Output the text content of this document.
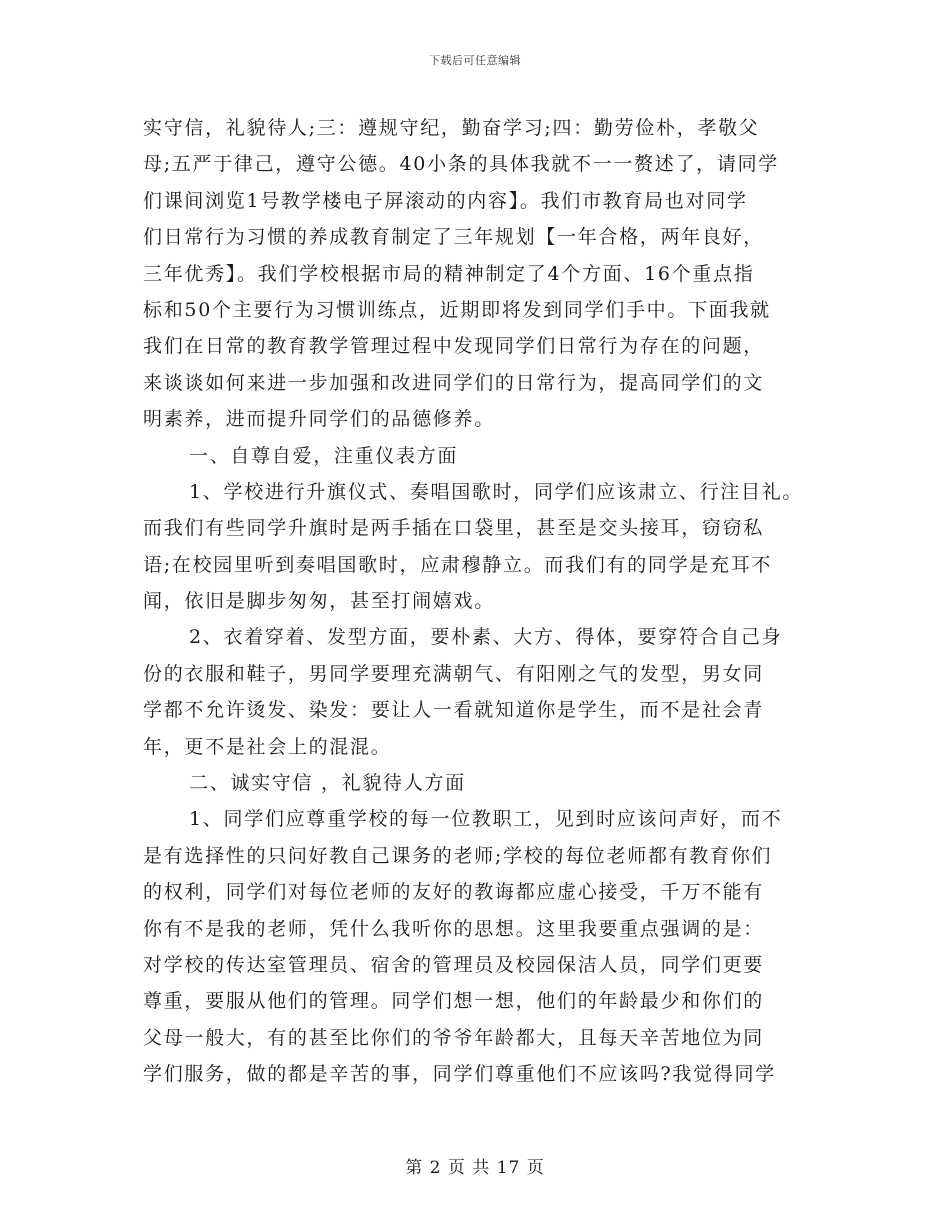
下载后可任意编辑
实守信，礼貌待人;三：遵规守纪，勤奋学习;四：勤劳俭朴，孝敬父
母;五严于律己，遵守公德。40小条的具体我就不一一赘述了，请同学
们课间浏览1号教学楼电子屏滚动的内容】。我们市教育局也对同学
们日常行为习惯的养成教育制定了三年规划【一年合格，两年良好，
三年优秀】。我们学校根据市局的精神制定了4个方面、16个重点指
标和50个主要行为习惯训练点，近期即将发到同学们手中。下面我就
我们在日常的教育教学管理过程中发现同学们日常行为存在的问题，
来谈谈如何来进一步加强和改进同学们的日常行为，提高同学们的文
明素养，进而提升同学们的品德修养。
一、自尊自爱，注重仪表方面
1、学校进行升旗仪式、奏唱国歌时，同学们应该肃立、行注目礼。
而我们有些同学升旗时是两手插在口袋里，甚至是交头接耳，窃窃私
语;在校园里听到奏唱国歌时，应肃穆静立。而我们有的同学是充耳不
闻，依旧是脚步匆匆，甚至打闹嬉戏。
2、衣着穿着、发型方面，要朴素、大方、得体，要穿符合自己身
份的衣服和鞋子，男同学要理充满朝气、有阳刚之气的发型，男女同
学都不允许烫发、染发：要让人一看就知道你是学生，而不是社会青
年，更不是社会上的混混。
二、诚实守信 ，礼貌待人方面
1、同学们应尊重学校的每一位教职工，见到时应该问声好，而不
是有选择性的只问好教自己课务的老师;学校的每位老师都有教育你们
的权利，同学们对每位老师的友好的教诲都应虚心接受，千万不能有
你有不是我的老师，凭什么我听你的思想。这里我要重点强调的是：
对学校的传达室管理员、宿舍的管理员及校园保洁人员，同学们更要
尊重，要服从他们的管理。同学们想一想，他们的年龄最少和你们的
父母一般大，有的甚至比你们的爷爷年龄都大，且每天辛苦地位为同
学们服务，做的都是辛苦的事，同学们尊重他们不应该吗?我觉得同学
第 2 页 共 17 页
